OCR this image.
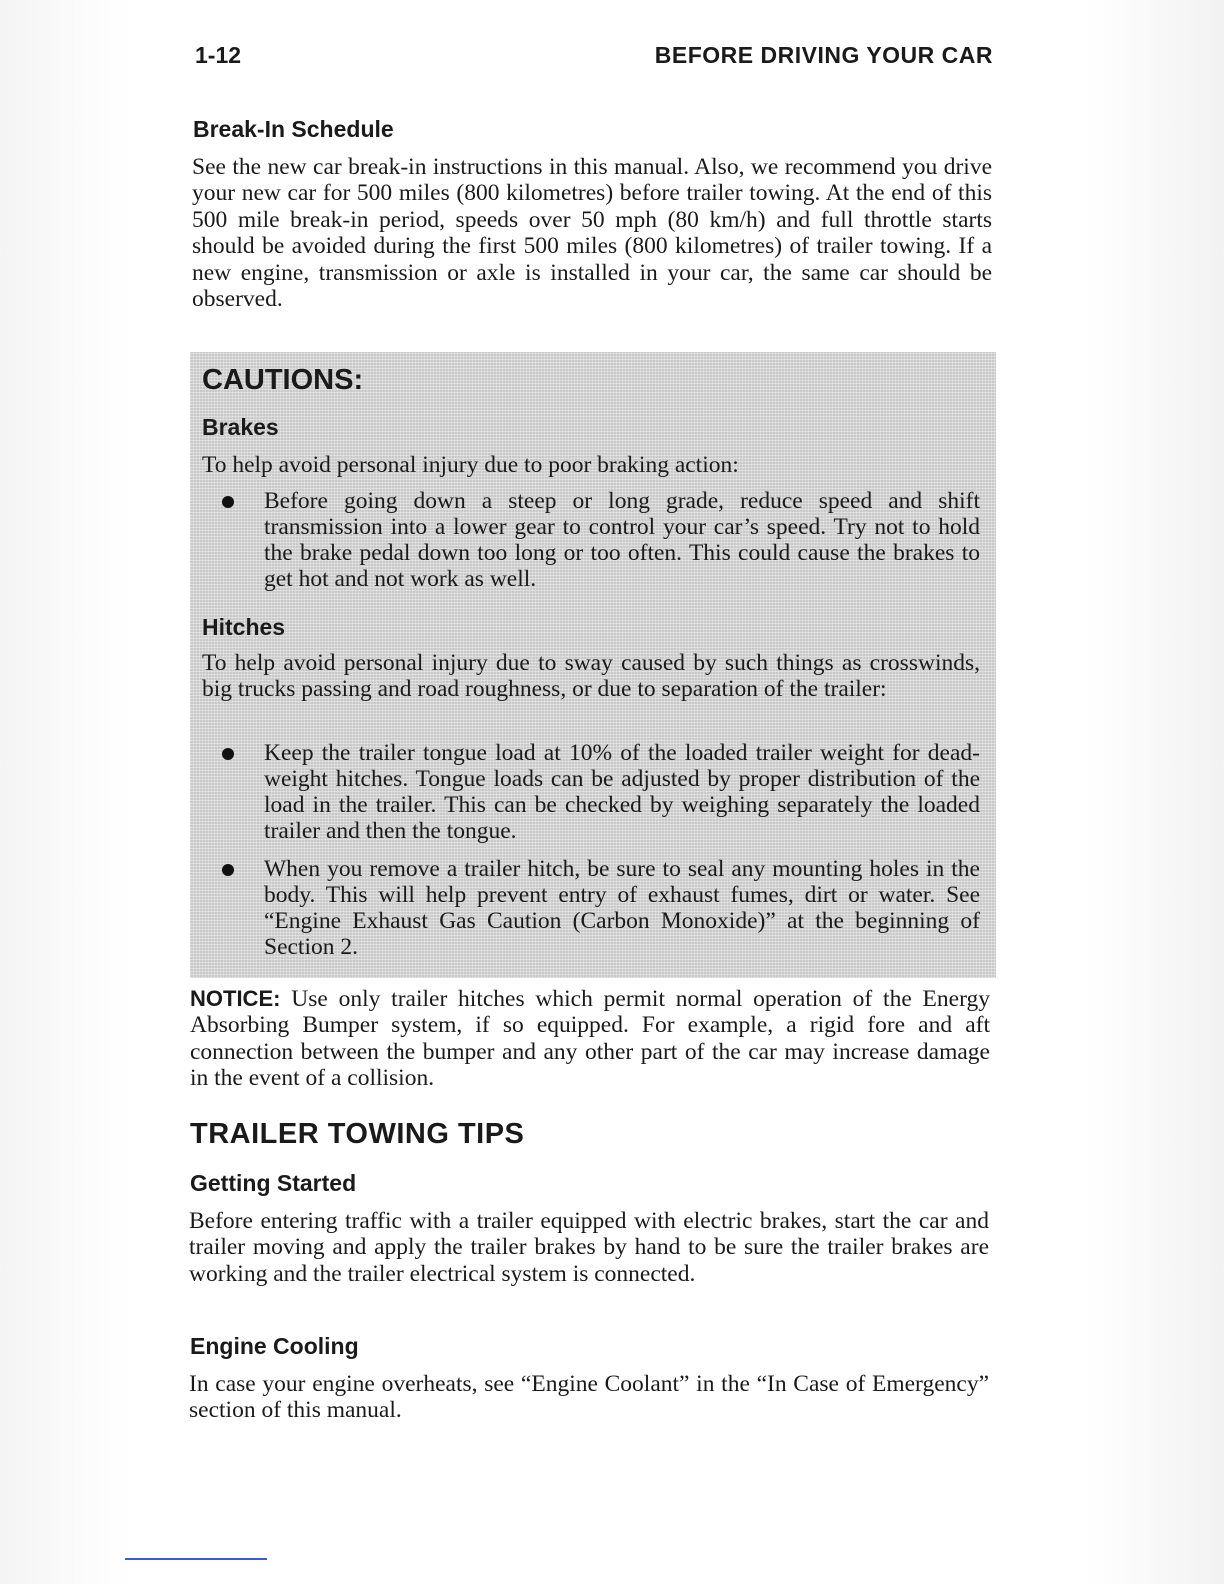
1-12	BEFORE DRIVING YOUR CAR
Break-In Schedule

See the new car break-in instructions in this manual. Also, we recommend you drive your new car for 500 miles (800 kilometres) before trailer towing. At the end of this 500 mile break-in period, speeds over 50 mph (80 km/h) and full throttle starts should be avoided during the first 500 miles (800 kilometres) of trailer towing. If a new engine, transmission or axle is installed in your car, the same car should be observed.

CAUTIONS:
Brakes

To help avoid personal injury due to poor braking action:

Before going down a steep or long grade, reduce speed and shift transmission into a lower gear to control your car’s speed. Try not to hold the brake pedal down too long or too often. This could cause the brakes to get hot and not work as well.

Hitches

To help avoid personal injury due to sway caused by such things as crosswinds, big trucks passing and road roughness, or due to separation of the trailer:

Keep the trailer tongue load at 10% of the loaded trailer weight for dead-weight hitches. Tongue loads can be adjusted by proper distribution of the load in the trailer. This can be checked by weighing separately the loaded trailer and then the tongue.

When you remove a trailer hitch, be sure to seal any mounting holes in the body. This will help prevent entry of exhaust fumes, dirt or water. See “Engine Exhaust Gas Caution (Carbon Monoxide)” at the beginning of Section 2.

NOTICE: Use only trailer hitches which permit normal operation of the Energy Absorbing Bumper system, if so equipped. For example, a rigid fore and aft connection between the bumper and any other part of the car may increase damage in the event of a collision.

TRAILER TOWING TIPS
Getting Started

Before entering traffic with a trailer equipped with electric brakes, start the car and trailer moving and apply the trailer brakes by hand to be sure the trailer brakes are working and the trailer electrical system is connected.

Engine Cooling

In case your engine overheats, see “Engine Coolant” in the “In Case of Emergency” section of this manual.
